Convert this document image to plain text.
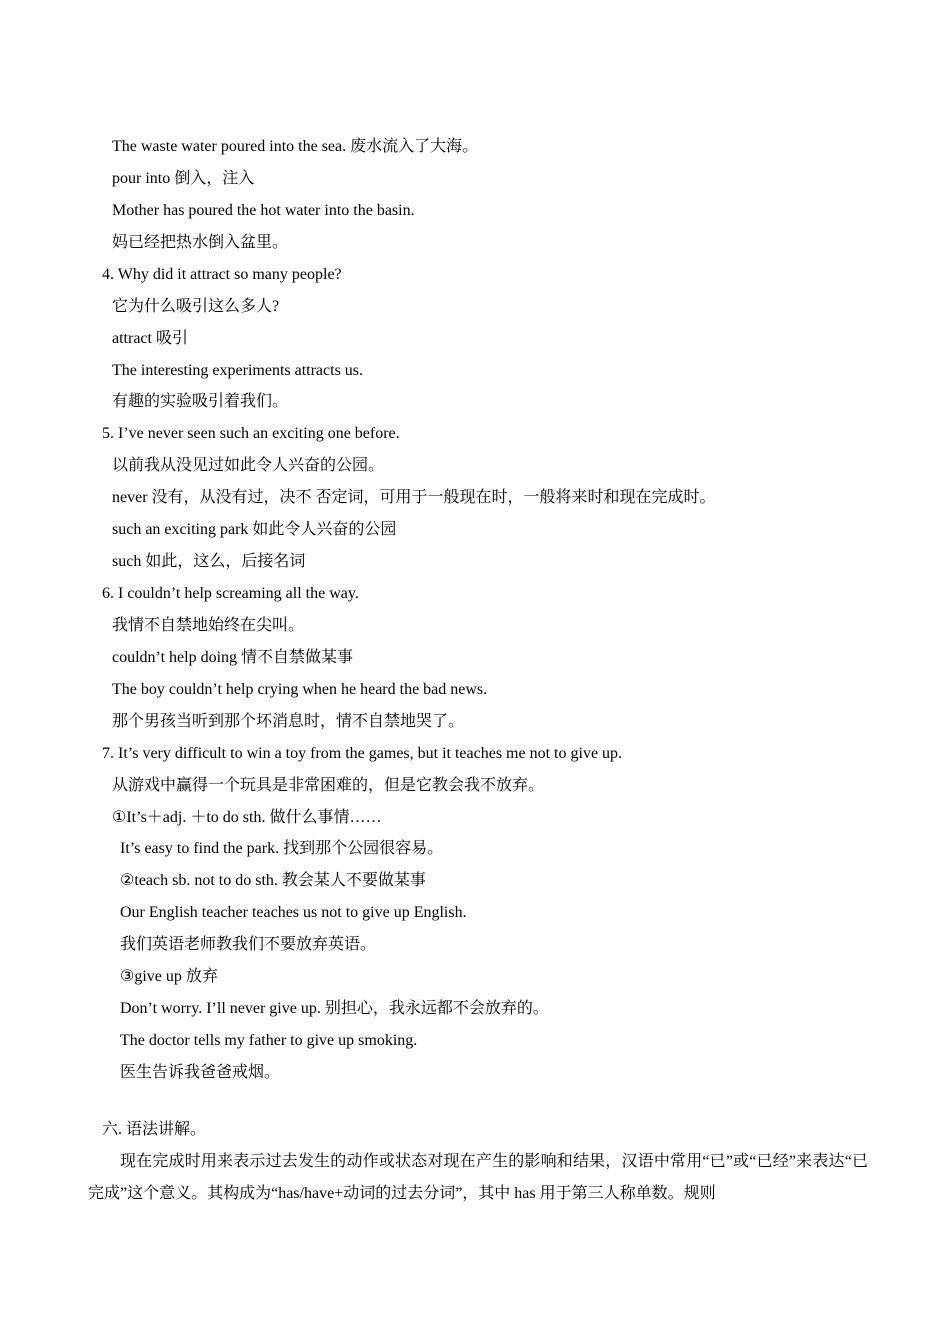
The waste water poured into the sea. 废水流入了大海。
pour into 倒入，注入
Mother has poured the hot water into the basin.
妈已经把热水倒入盆里。
4. Why did it attract so many people?
它为什么吸引这么多人?
attract 吸引
The interesting experiments attracts us.
有趣的实验吸引着我们。
5. I’ve never seen such an exciting one before.
以前我从没见过如此令人兴奋的公园。
never 没有，从没有过，决不 否定词，可用于一般现在时，一般将来时和现在完成时。
such an exciting park 如此令人兴奋的公园
such 如此，这么，后接名词
6. I couldn’t help screaming all the way.
我情不自禁地始终在尖叫。
couldn’t help doing 情不自禁做某事
The boy couldn’t help crying when he heard the bad news.
那个男孩当听到那个坏消息时，情不自禁地哭了。
7. It’s very difficult to win a toy from the games, but it teaches me not to give up.
从游戏中赢得一个玩具是非常困难的，但是它教会我不放弃。
①It’s＋adj. ＋to do sth. 做什么事情……
It’s easy to find the park. 找到那个公园很容易。
②teach sb. not to do sth. 教会某人不要做某事
Our English teacher teaches us not to give up English.
我们英语老师教我们不要放弃英语。
③give up 放弃
Don’t worry. I’ll never give up. 别担心，我永远都不会放弃的。
The doctor tells my father to give up smoking.
医生告诉我爸爸戒烟。
六. 语法讲解。
现在完成时用来表示过去发生的动作或状态对现在产生的影响和结果，汉语中常用“已”或“已经”来表达“已完成”这个意义。其构成为“has/have+动词的过去分词”，其中 has 用于第三人称单数。规则
